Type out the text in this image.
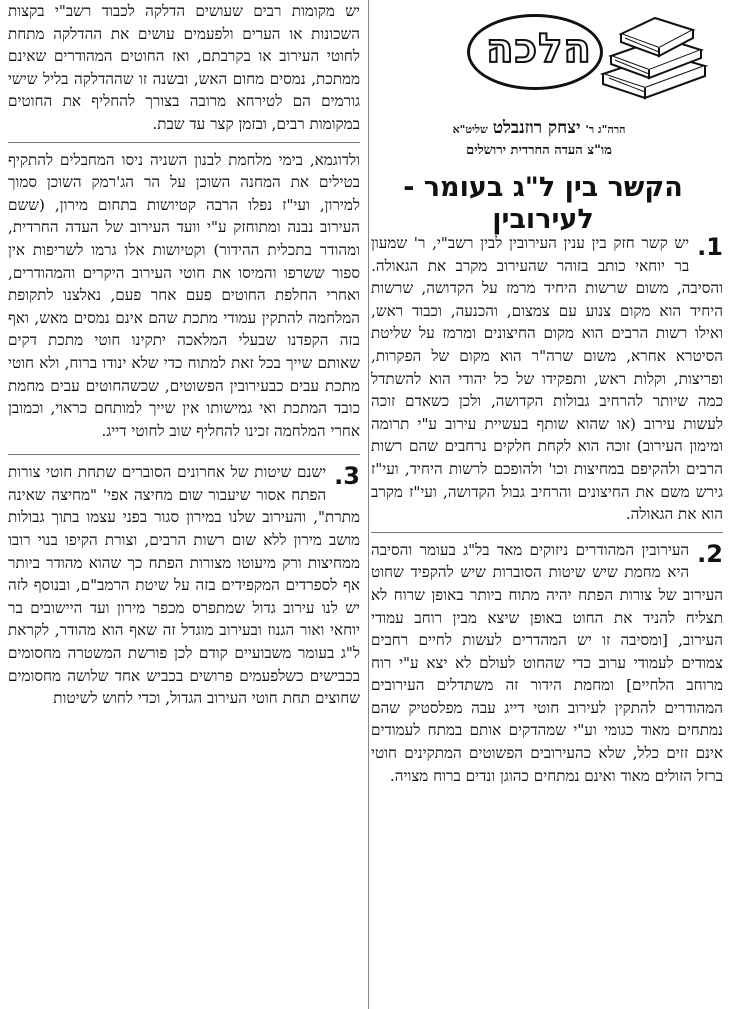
הלכה
הרה"ג ר' יצחק רוזנבלט שליט"א
מו"צ העדה החרדית ירושלים
הקשר בין ל"ג בעומר - לעירובין
1.

יש קשר חזק בין ענין העירובין לבין רשב"י, ר' שמעון בר יוחאי כותב בזוהר שהעירוב מקרב את הגאולה. והסיבה, משום שרשות היחיד מרמז על הקדושה, שרשות היחיד הוא מקום צנוע עם צמצום, והכנעה, וכבוד ראש, ואילו רשות הרבים הוא מקום החיצונים ומרמז על שליטת הסיטרא אחרא, משום שרה"ר הוא מקום של הפקרות, ופריצות, וקלות ראש, ותפקידו של כל יהודי הוא להשתדל כמה שיותר להרחיב גבולות הקדושה, ולכן כשאדם זוכה לעשות עירוב (או שהוא שותף בעשיית עירוב ע"י תרומה ומימון העירוב) זוכה הוא לקחת חלקים נרחבים שהם רשות הרבים ולהקיפם במחיצות וכו' ולהופכם לרשות היחיד, ועי"ז גירש משם את החיצונים והרחיב גבול הקדושה, ועי"ז מקרב הוא את הגאולה.

2.

העירובין המהודרים ניזוקים מאד בל"ג בעומר והסיבה היא מחמת שיש שיטות הסוברות שיש להקפיד שחוט העירוב של צורות הפתח יהיה מתוח ביותר באופן שרוח לא תצליח להניד את החוט באופן שיצא מבין רוחב עמודי העירוב, [ומסיבה זו יש המהדרים לעשות לחיים רחבים צמודים לעמודי ערוב כדי שהחוט לעולם לא יצא ע"י רוח מרוחב הלחיים] ומחמת הידור זה משתדלים העירובים המהודרים להתקין לעירוב חוטי דייג עבה מפלסטיק שהם נמתחים מאוד כגומי וע"י שמהדקים אותם במתח לעמודים אינם זזים כלל, שלא כהעירובים הפשוטים המתקינים חוטי ברזל הזולים מאוד ואינם נמתחים כהוגן ונדים ברוח מצויה.

יש מקומות רבים שעושים הדלקה לכבוד רשב"י בקצות השכונות או הערים ולפעמים עושים את ההדלקה מתחת לחוטי העירוב או בקרבתם, ואז החוטים המהודרים שאינם ממתכת, נמסים מחום האש, ובשנה זו שההדלקה בליל שישי גורמים הם לטירחא מרובה בצורך להחליף את החוטים במקומות רבים, ובזמן קצר עד שבת.

ולדוגמא, בימי מלחמת לבנון השניה ניסו המחבלים להתקיף בטילים את המחנה השוכן על הר הג'רמק השוכן סמוך למירון, ועי"ז נפלו הרבה קטיושות בתחום מירון, (ששם העירוב נבנה ומתוחזק ע"י וועד העירוב של העדה החרדית, ומהודר בתכלית ההידור) וקטיושות אלו גרמו לשריפות אין ספור ששרפו והמיסו את חוטי העירוב היקרים והמהודרים, ואחרי החלפת החוטים פעם אחר פעם, נאלצנו לתקופת המלחמה להתקין עמודי מתכת שהם אינם נמסים מאש, ואף בזה הקפדנו שבעלי המלאכה יתקינו חוטי מתכת דקים שאותם שייך בכל זאת למתוח כדי שלא ינודו ברוח, ולא חוטי מתכת עבים כבעירובין הפשוטים, שכשהחוטים עבים מחמת כובד המתכת ואי גמישותו אין שייך למותחם כראוי, וכמובן אחרי המלחמה זכינו להחליף שוב לחוטי דייג.

3.

ישנם שיטות של אחרונים הסוברים שתחת חוטי צורות הפתח אסור שיעבור שום מחיצה אפי' "מחיצה שאינה מתרת", והעירוב שלנו במירון סגור בפני עצמו בתוך גבולות מושב מירון ללא שום רשות הרבים, וצורת הקיפו בנוי רובו ממחיצות ורק מיעוטו מצורות הפתח כך שהוא מהודר ביותר אף לספרדים המקפידים בזה על שיטת הרמב"ם, ובנוסף לזה יש לנו עירוב גדול שמתפרס מכפר מירון ועד היישובים בר יוחאי ואור הגנוז ובעירוב מוגדל זה שאף הוא מהודר, לקראת ל"ג בעומר משבועיים קודם לכן פורשת המשטרה מחסומים בכבישים כשלפעמים פרושים בכביש אחד שלושה מחסומים שחוצים תחת חוטי העירוב הגדול, וכדי לחוש לשיטות
